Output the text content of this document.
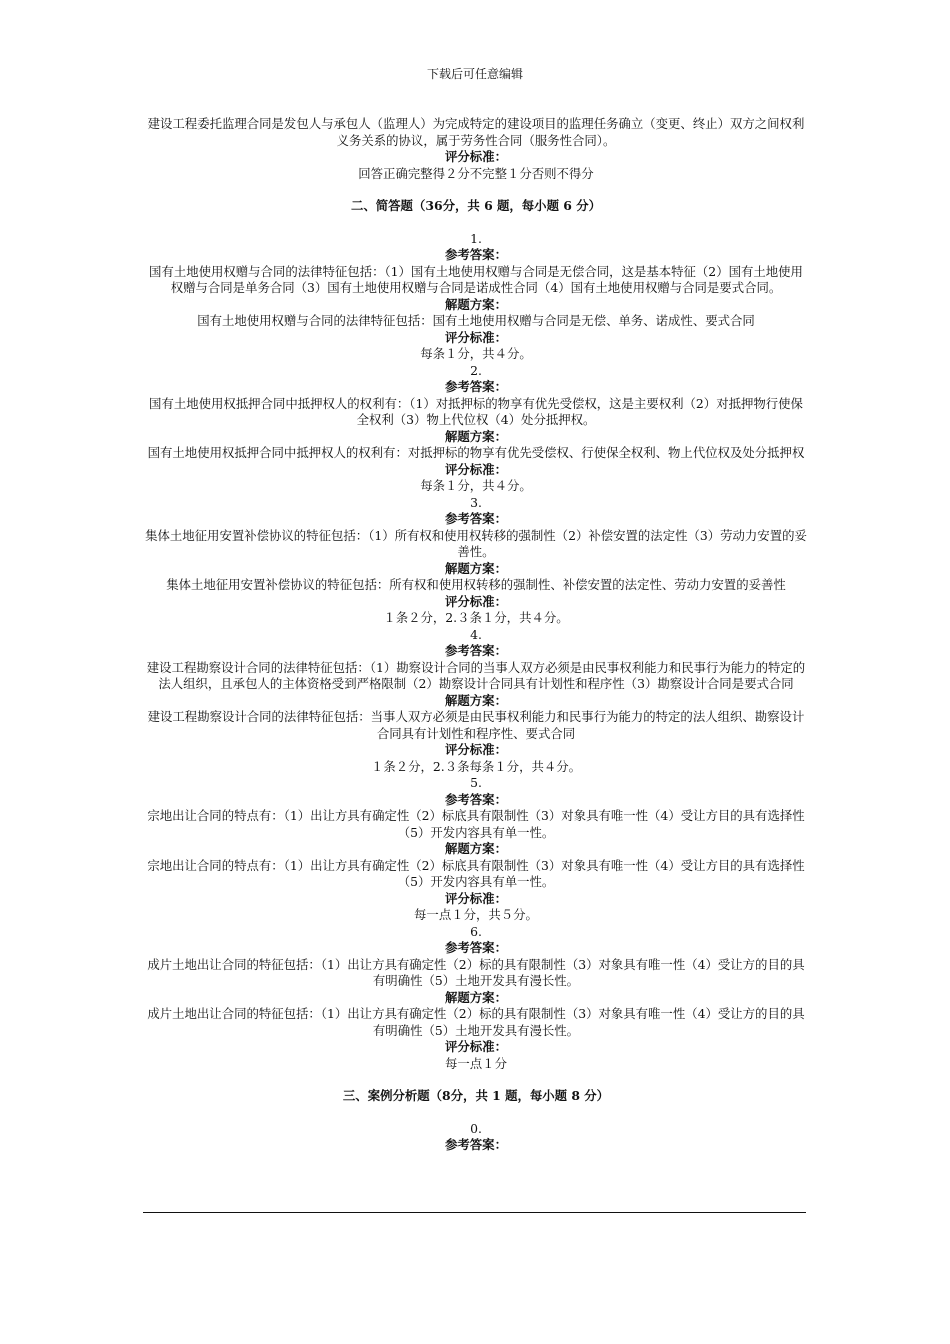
下载后可任意编辑

建设工程委托监理合同是发包人与承包人（监理人）为完成特定的建设项目的监理任务确立（变更、终止）双方之间权利义务关系的协议，属于劳务性合同（服务性合同）。

评分标准：

回答正确完整得２分不完整１分否则不得分

二、简答题（36分，共 6 题，每小题 6 分）

1.

参考答案：

国有土地使用权赠与合同的法律特征包括：（1）国有土地使用权赠与合同是无偿合同，这是基本特征（2）国有土地使用权赠与合同是单务合同（3）国有土地使用权赠与合同是诺成性合同（4）国有土地使用权赠与合同是要式合同。

解题方案：

国有土地使用权赠与合同的法律特征包括：国有土地使用权赠与合同是无偿、单务、诺成性、要式合同

评分标准：

每条１分，共４分。

2.

参考答案：

国有土地使用权抵押合同中抵押权人的权利有：（1）对抵押标的物享有优先受偿权，这是主要权利（2）对抵押物行使保全权利（3）物上代位权（4）处分抵押权。

解题方案：

国有土地使用权抵押合同中抵押权人的权利有：对抵押标的物享有优先受偿权、行使保全权利、物上代位权及处分抵押权

评分标准：

每条１分，共４分。

3.

参考答案：

集体土地征用安置补偿协议的特征包括：（1）所有权和使用权转移的强制性（2）补偿安置的法定性（3）劳动力安置的妥善性。

解题方案：

集体土地征用安置补偿协议的特征包括：所有权和使用权转移的强制性、补偿安置的法定性、劳动力安置的妥善性

评分标准：

１条２分，2.３条１分，共４分。

4.

参考答案：

建设工程勘察设计合同的法律特征包括：（1）勘察设计合同的当事人双方必须是由民事权利能力和民事行为能力的特定的法人组织，且承包人的主体资格受到严格限制（2）勘察设计合同具有计划性和程序性（3）勘察设计合同是要式合同

解题方案：

建设工程勘察设计合同的法律特征包括：当事人双方必须是由民事权利能力和民事行为能力的特定的法人组织、勘察设计合同具有计划性和程序性、要式合同

评分标准：

１条２分，2.３条每条１分，共４分。

5.

参考答案：

宗地出让合同的特点有：（1）出让方具有确定性（2）标底具有限制性（3）对象具有唯一性（4）受让方目的具有选择性（5）开发内容具有单一性。

解题方案：

宗地出让合同的特点有：（1）出让方具有确定性（2）标底具有限制性（3）对象具有唯一性（4）受让方目的具有选择性（5）开发内容具有单一性。

评分标准：

每一点１分，共５分。

6.

参考答案：

成片土地出让合同的特征包括：（1）出让方具有确定性（2）标的具有限制性（3）对象具有唯一性（4）受让方的目的具有明确性（5）土地开发具有漫长性。

解题方案：

成片土地出让合同的特征包括：（1）出让方具有确定性（2）标的具有限制性（3）对象具有唯一性（4）受让方的目的具有明确性（5）土地开发具有漫长性。

评分标准：

每一点１分

三、案例分析题（8分，共 1 题，每小题 8 分）

0.

参考答案：
